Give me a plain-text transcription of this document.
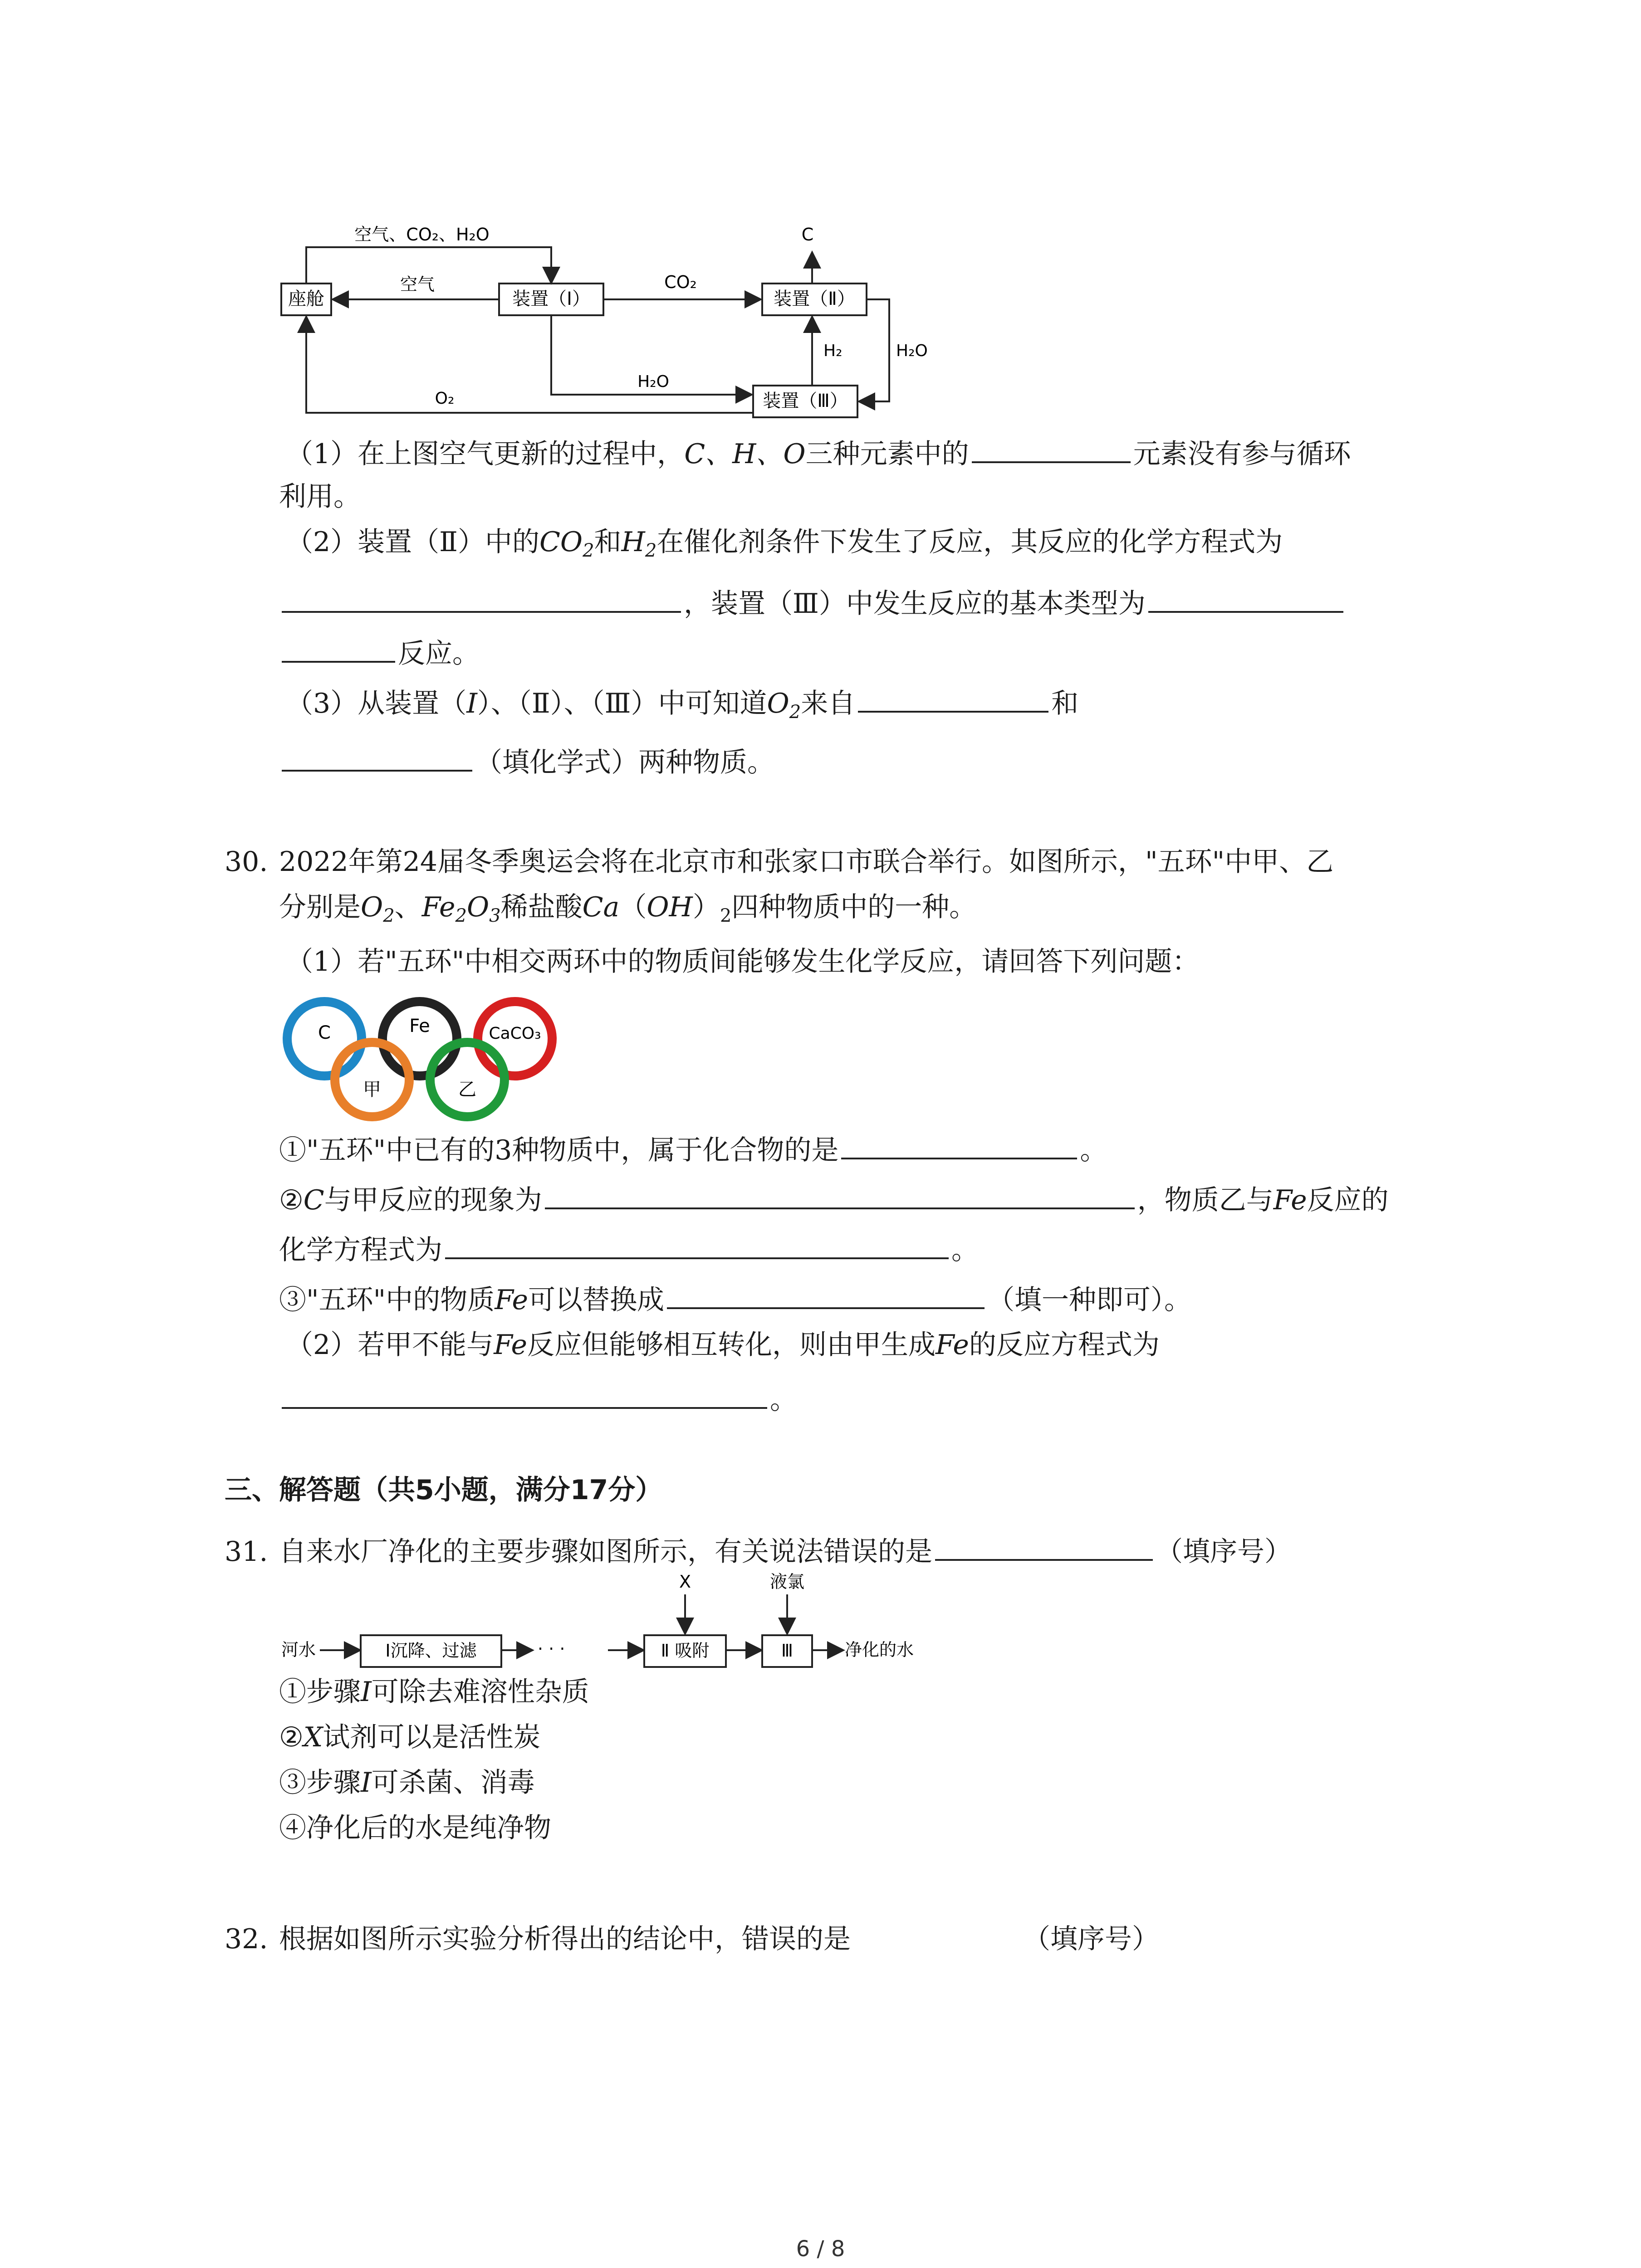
座舱	装置（Ⅰ）	装置（Ⅱ）
装置（Ⅲ）
空气、CO₂、H₂O
空气	CO₂
C
H₂	H₂O
H₂O
O₂
（1）在上图空气更新的过程中，C、H、O三种元素中的	元素没有参与循环
利用。
（2）装置（Ⅱ）中的$CO_2$和$H_2$在催化剂条件下发生了反应，其反应的化学方程式为
，装置（Ⅲ）中发生反应的基本类型为
反应。
（3）从装置（I）、（Ⅱ）、（Ⅲ）中可知道$O_2$来自	和
（填化学式）两种物质。
30. 2022年第24届冬季奥运会将在北京市和张家口市联合举行。如图所示，"五环"中甲、乙
分别是$O_2$、$Fe_2O_3$稀盐酸$Ca(OH)_2$四种物质中的一种。
（1）若"五环"中相交两环中的物质间能够发生化学反应，请回答下列问题：
C	Fe	CaCO₃
甲	乙
①"五环"中已有的3种物质中，属于化合物的是	。
②C与甲反应的现象为	，物质乙与Fe反应的
化学方程式为	。
③"五环"中的物质Fe可以替换成	（填一种即可）。
（2）若甲不能与Fe反应但能够相互转化，则由甲生成Fe的反应方程式为
。
三、解答题（共5小题，满分17分）
31. 自来水厂净化的主要步骤如图所示，有关说法错误的是	（填序号）
河水	Ⅰ沉降、过滤	· · ·	Ⅱ 吸附
X
Ⅲ
液氯
净化的水
①步骤I可除去难溶性杂质
②X试剂可以是活性炭
③步骤I可杀菌、消毒
④净化后的水是纯净物
32. 根据如图所示实验分析得出的结论中，错误的是	（填序号）
6 / 8
